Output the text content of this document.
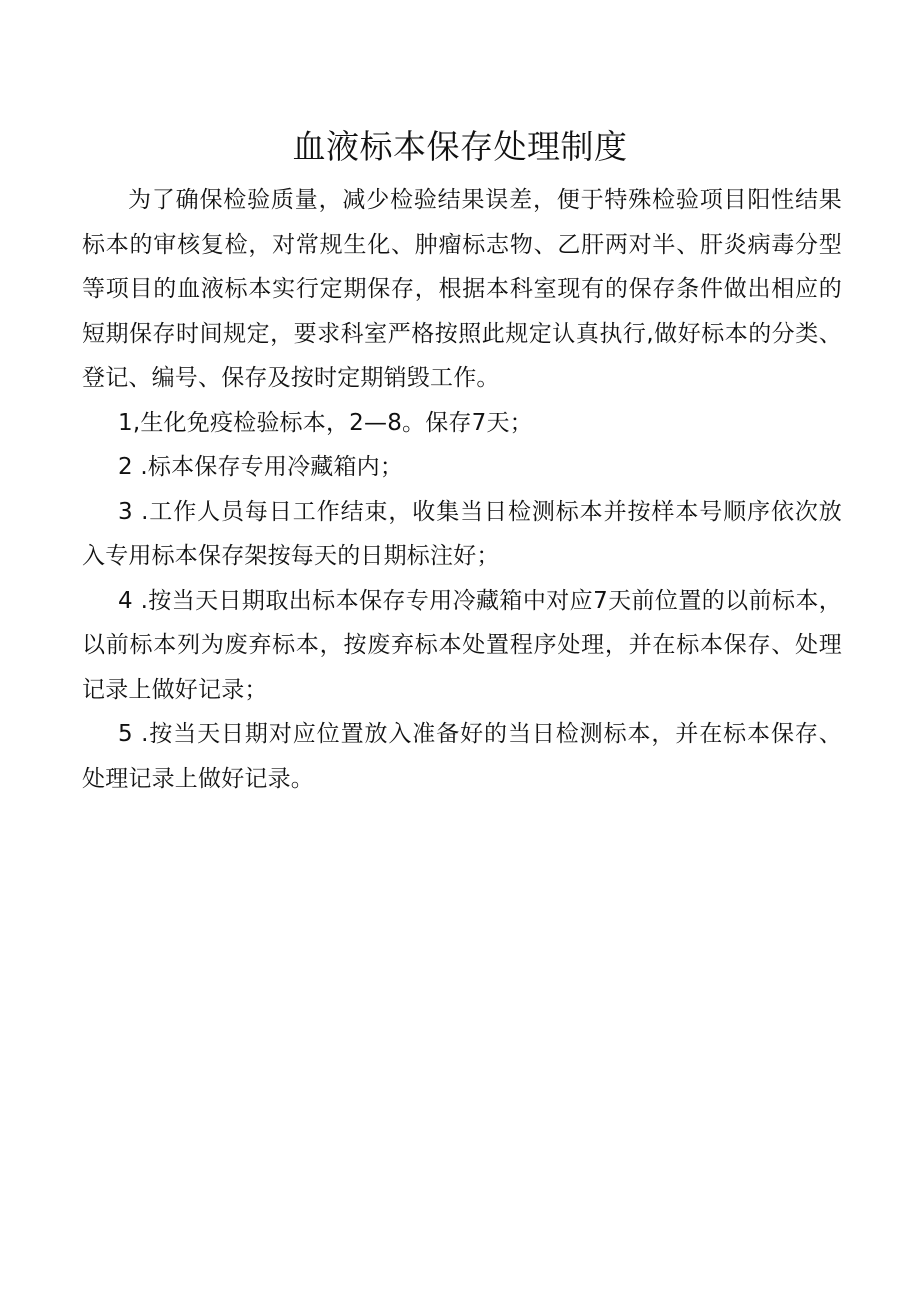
血液标本保存处理制度

为了确保检验质量，减少检验结果误差，便于特殊检验项目阳性结果标本的审核复检，对常规生化、肿瘤标志物、乙肝两对半、肝炎病毒分型等项目的血液标本实行定期保存，根据本科室现有的保存条件做出相应的短期保存时间规定，要求科室严格按照此规定认真执行,做好标本的分类、登记、编号、保存及按时定期销毁工作。

1,生化免疫检验标本，2—8。保存7天；

2 .标本保存专用冷藏箱内；

3 .工作人员每日工作结束，收集当日检测标本并按样本号顺序依次放入专用标本保存架按每天的日期标注好；

4 .按当天日期取出标本保存专用冷藏箱中对应7天前位置的以前标本，以前标本列为废弃标本，按废弃标本处置程序处理，并在标本保存、处理记录上做好记录；

5 .按当天日期对应位置放入准备好的当日检测标本，并在标本保存、处理记录上做好记录。
